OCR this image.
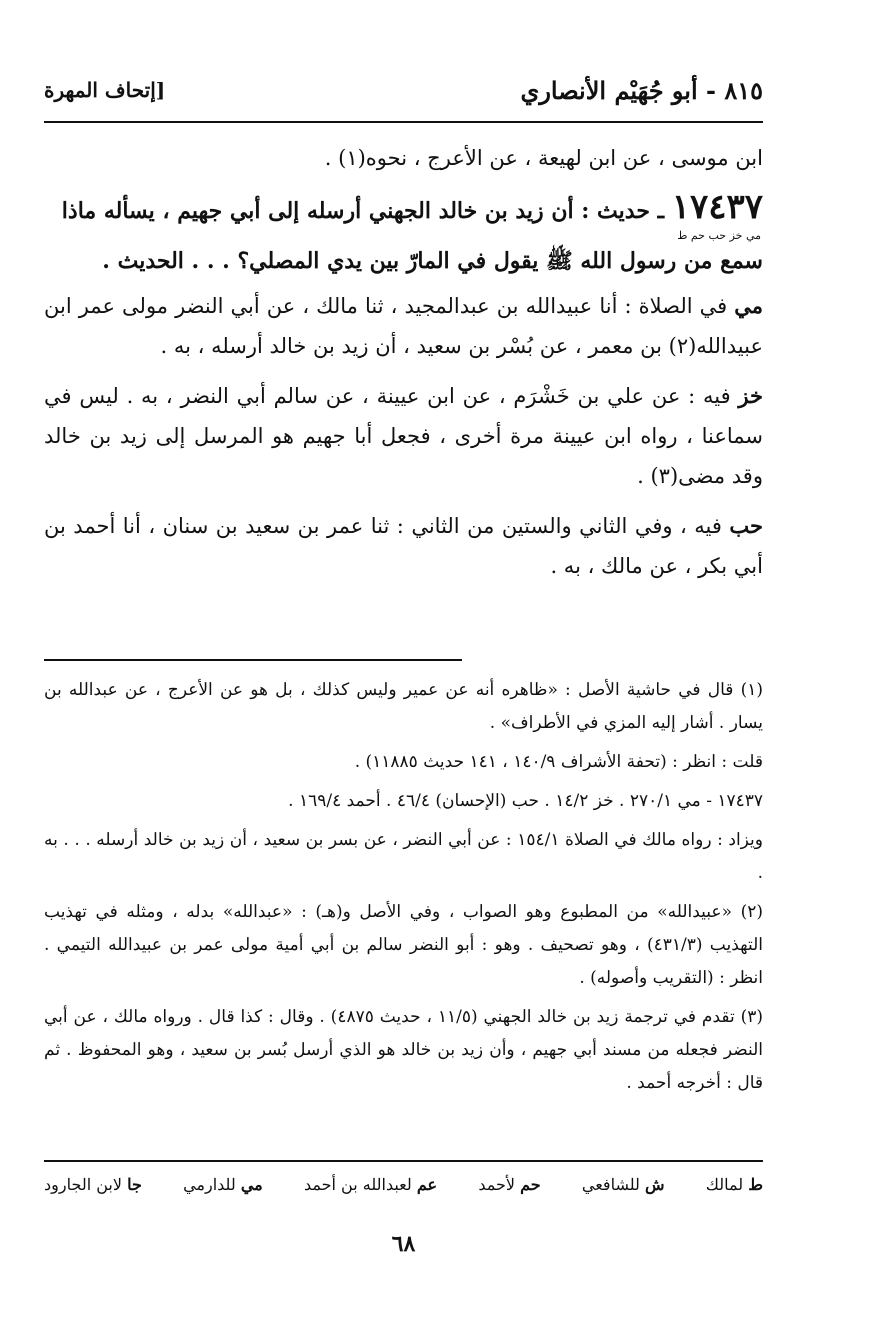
٨١٥ - أبو جُهَيْم الأنصاري
[إتحاف المهرة

ابن موسى ، عن ابن لهيعة ، عن الأعرج ، نحوه(١) .

١٧٤٣٧ ـ حديث : أن زيد بن خالد الجهني أرسله إلى أبي جهيم ، يسأله ماذا
مي خز حب حم ط
سمع من رسول الله ﷺ يقول في المارّ بين يدي المصلي؟ . . . الحديث .

مي في الصلاة : أنا عبيدالله بن عبدالمجيد ، ثنا مالك ، عن أبي النضر مولى عمر ابن عبيدالله(٢) بن معمر ، عن بُسْر بن سعيد ، أن زيد بن خالد أرسله ، به .

خز فيه : عن علي بن خَشْرَم ، عن ابن عيينة ، عن سالم أبي النضر ، به . ليس في سماعنا ، رواه ابن عيينة مرة أخرى ، فجعل أبا جهيم هو المرسل إلى زيد بن خالد وقد مضى(٣) .

حب فيه ، وفي الثاني والستين من الثاني : ثنا عمر بن سعيد بن سنان ، أنا أحمد بن أبي بكر ، عن مالك ، به .

(١) قال في حاشية الأصل : «ظاهره أنه عن عمير وليس كذلك ، بل هو عن الأعرج ، عن عبدالله بن يسار . أشار إليه المزي في الأطراف» .

قلت : انظر : (تحفة الأشراف ١٤٠/٩ ، ١٤١ حديث ١١٨٨٥) .

١٧٤٣٧ - مي ٢٧٠/١ . خز ١٤/٢ . حب (الإحسان) ٤٦/٤ . أحمد ١٦٩/٤ .

ويزاد : رواه مالك في الصلاة ١٥٤/١ : عن أبي النضر ، عن بسر بن سعيد ، أن زيد بن خالد أرسله . . . به .

(٢) «عبيدالله» من المطبوع وهو الصواب ، وفي الأصل و(هـ) : «عبدالله» بدله ، ومثله في تهذيب التهذيب (٤٣١/٣) ، وهو تصحيف . وهو : أبو النضر سالم بن أبي أمية مولى عمر بن عبيدالله التيمي . انظر : (التقريب وأصوله) .

(٣) تقدم في ترجمة زيد بن خالد الجهني (١١/٥ ، حديث ٤٨٧٥) . وقال : كذا قال . ورواه مالك ، عن أبي النضر فجعله من مسند أبي جهيم ، وأن زيد بن خالد هو الذي أرسل بُسر بن سعيد ، وهو المحفوظ . ثم قال : أخرجه أحمد .

ط لمالك
ش للشافعي
حم لأحمد
عم لعبدالله بن أحمد
مي للدارمي
جا لابن الجارود
٦٨
